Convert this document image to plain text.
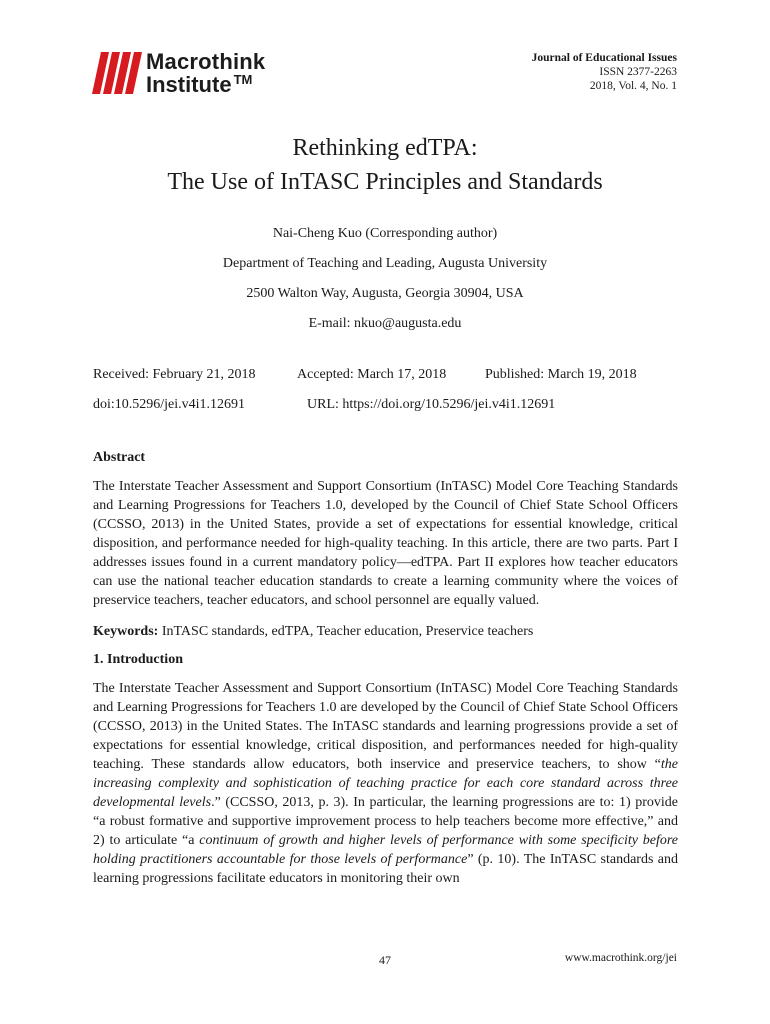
Macrothink
Institute ™
Journal of Educational Issues
ISSN 2377-2263
2018, Vol. 4, No. 1
Rethinking edTPA:
The Use of InTASC Principles and Standards
Nai-Cheng Kuo (Corresponding author)
Department of Teaching and Leading, Augusta University
2500 Walton Way, Augusta, Georgia 30904, USA
E-mail: nkuo@augusta.edu
Received: February 21, 2018	Accepted: March 17, 2018	Published: March 19, 2018
doi:10.5296/jei.v4i1.12691	URL: https://doi.org/10.5296/jei.v4i1.12691
Abstract

The Interstate Teacher Assessment and Support Consortium (InTASC) Model Core Teaching Standards and Learning Progressions for Teachers 1.0, developed by the Council of Chief State School Officers (CCSSO, 2013) in the United States, provide a set of expectations for essential knowledge, critical disposition, and performance needed for high-quality teaching. In this article, there are two parts. Part I addresses issues found in a current mandatory policy—edTPA. Part II explores how teacher educators can use the national teacher education standards to create a learning community where the voices of preservice teachers, teacher educators, and school personnel are equally valued.

Keywords: InTASC standards, edTPA, Teacher education, Preservice teachers

1. Introduction

The Interstate Teacher Assessment and Support Consortium (InTASC) Model Core Teaching Standards and Learning Progressions for Teachers 1.0 are developed by the Council of Chief State School Officers (CCSSO, 2013) in the United States. The InTASC standards and learning progressions provide a set of expectations for essential knowledge, critical disposition, and performances needed for high-quality teaching. These standards allow educators, both inservice and preservice teachers, to show “the increasing complexity and sophistication of teaching practice for each core standard across three developmental levels.” (CCSSO, 2013, p. 3). In particular, the learning progressions are to: 1) provide “a robust formative and supportive improvement process to help teachers become more effective,” and 2) to articulate “a continuum of growth and higher levels of performance with some specificity before holding practitioners accountable for those levels of performance” (p. 10). The InTASC standards and learning progressions facilitate educators in monitoring their own

47	www.macrothink.org/jei
